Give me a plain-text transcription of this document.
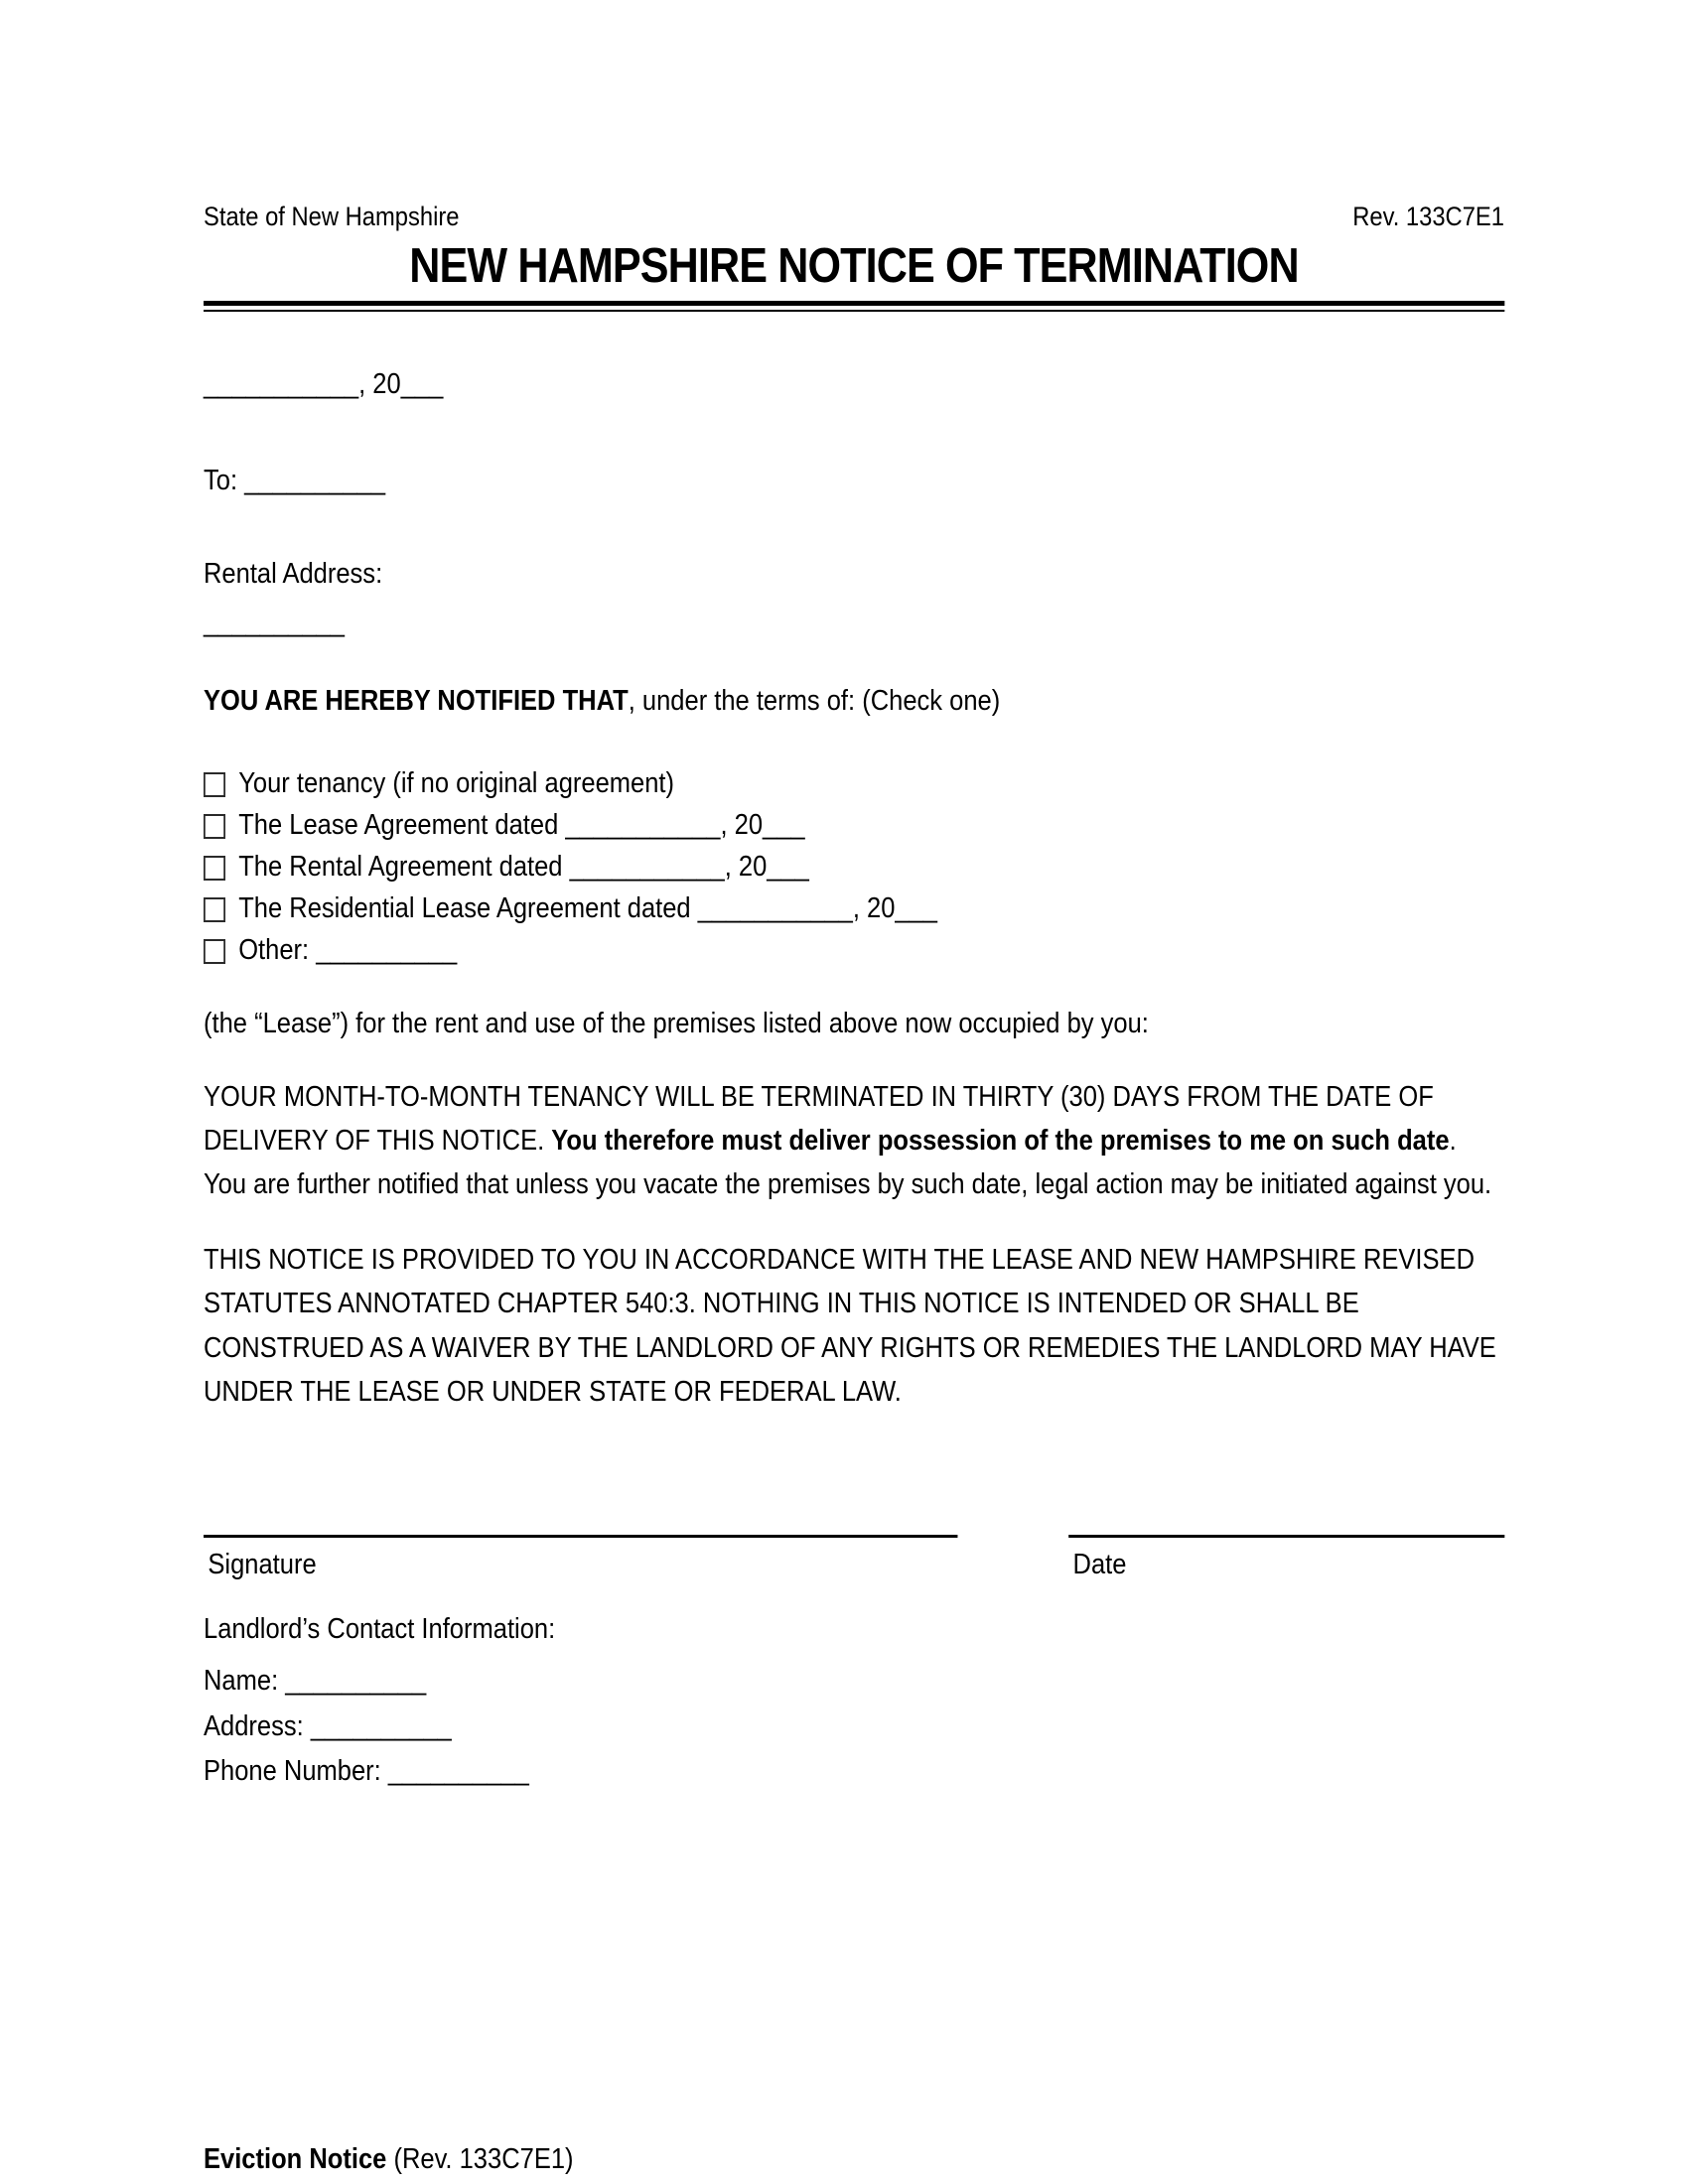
State of New Hampshire	Rev. 133C7E1
NEW HAMPSHIRE NOTICE OF TERMINATION
___________, 20___
To: __________
Rental Address:
__________
YOU ARE HEREBY NOTIFIED THAT, under the terms of: (Check one)
Your tenancy (if no original agreement)
The Lease Agreement dated ___________, 20___
The Rental Agreement dated ___________, 20___
The Residential Lease Agreement dated ___________, 20___
Other: __________
(the “Lease”) for the rent and use of the premises listed above now occupied by you:
YOUR MONTH-TO-MONTH TENANCY WILL BE TERMINATED IN THIRTY (30) DAYS FROM THE DATE OF DELIVERY OF THIS NOTICE. You therefore must deliver possession of the premises to me on such date. You are further notified that unless you vacate the premises by such date, legal action may be initiated against you.
THIS NOTICE IS PROVIDED TO YOU IN ACCORDANCE WITH THE LEASE AND NEW HAMPSHIRE REVISED STATUTES ANNOTATED CHAPTER 540:3. NOTHING IN THIS NOTICE IS INTENDED OR SHALL BE CONSTRUED AS A WAIVER BY THE LANDLORD OF ANY RIGHTS OR REMEDIES THE LANDLORD MAY HAVE UNDER THE LEASE OR UNDER STATE OR FEDERAL LAW.
Signature	Date
Landlord’s Contact Information:
Name: __________
Address: __________
Phone Number: __________
Eviction Notice (Rev. 133C7E1)
